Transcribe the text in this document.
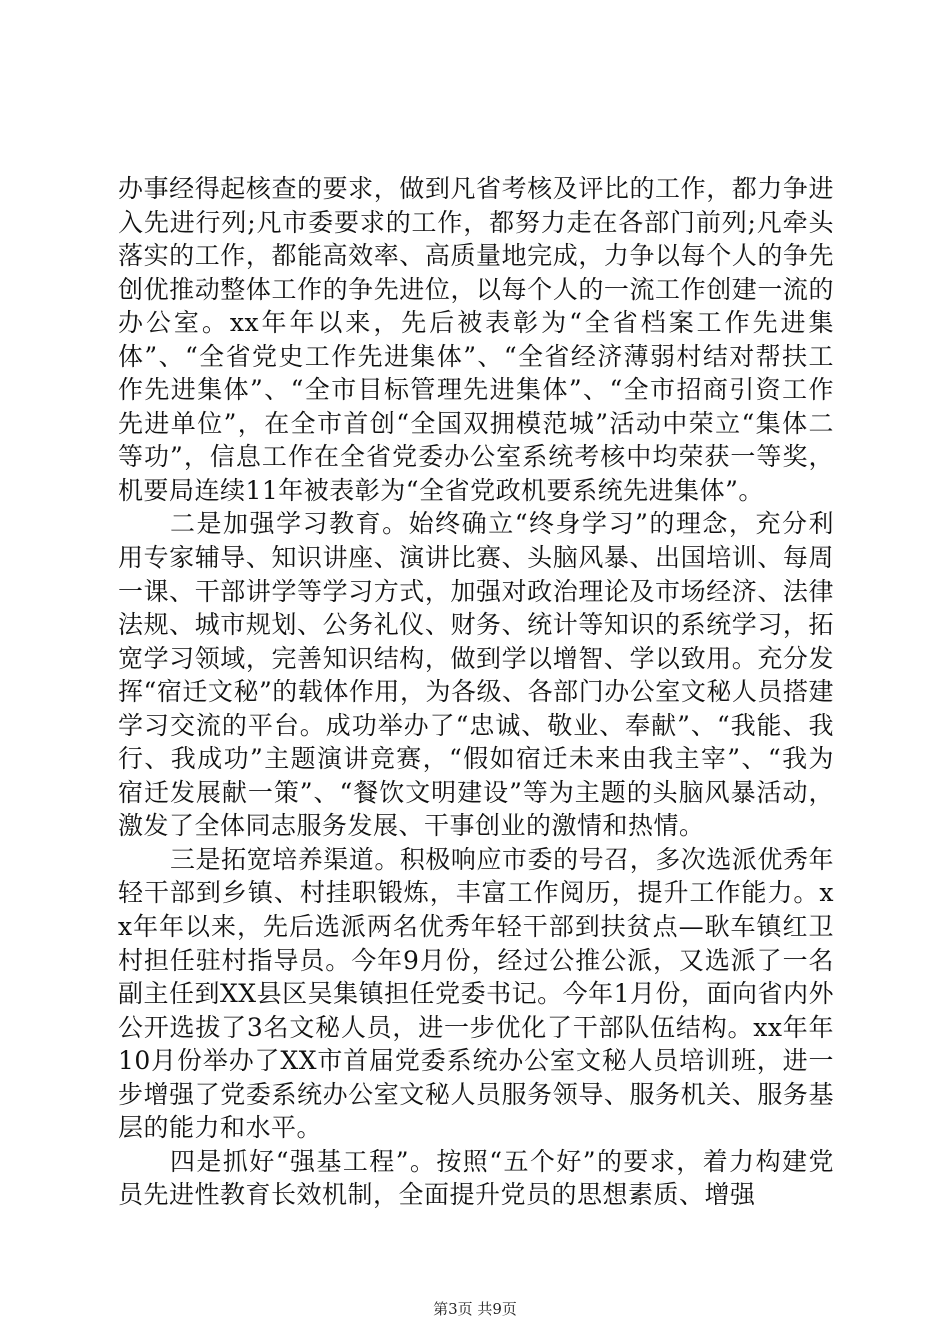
办事经得起核查的要求，做到凡省考核及评比的工作，都力争进入先进行列;凡市委要求的工作，都努力走在各部门前列;凡牵头落实的工作，都能高效率、高质量地完成，力争以每个人的争先创优推动整体工作的争先进位，以每个人的一流工作创建一流的办公室。xx年年以来，先后被表彰为“全省档案工作先进集体”、“全省党史工作先进集体”、“全省经济薄弱村结对帮扶工作先进集体”、“全市目标管理先进集体”、“全市招商引资工作先进单位”，在全市首创“全国双拥模范城”活动中荣立“集体二等功”，信息工作在全省党委办公室系统考核中均荣获一等奖，机要局连续11年被表彰为“全省党政机要系统先进集体”。

二是加强学习教育。始终确立“终身学习”的理念，充分利用专家辅导、知识讲座、演讲比赛、头脑风暴、出国培训、每周一课、干部讲学等学习方式，加强对政治理论及市场经济、法律法规、城市规划、公务礼仪、财务、统计等知识的系统学习，拓宽学习领域，完善知识结构，做到学以增智、学以致用。充分发挥“宿迁文秘”的载体作用，为各级、各部门办公室文秘人员搭建学习交流的平台。成功举办了“忠诚、敬业、奉献”、“我能、我行、我成功”主题演讲竞赛，“假如宿迁未来由我主宰”、“我为宿迁发展献一策”、“餐饮文明建设”等为主题的头脑风暴活动，激发了全体同志服务发展、干事创业的激情和热情。

三是拓宽培养渠道。积极响应市委的号召，多次选派优秀年轻干部到乡镇、村挂职锻炼，丰富工作阅历，提升工作能力。xx年年以来，先后选派两名优秀年轻干部到扶贫点—耿车镇红卫村担任驻村指导员。今年9月份，经过公推公派，又选派了一名副主任到XX县区吴集镇担任党委书记。今年1月份，面向省内外公开选拔了3名文秘人员，进一步优化了干部队伍结构。xx年年10月份举办了XX市首届党委系统办公室文秘人员培训班，进一步增强了党委系统办公室文秘人员服务领导、服务机关、服务基层的能力和水平。

四是抓好“强基工程”。按照“五个好”的要求，着力构建党员先进性教育长效机制，全面提升党员的思想素质、增强

第3页 共9页
